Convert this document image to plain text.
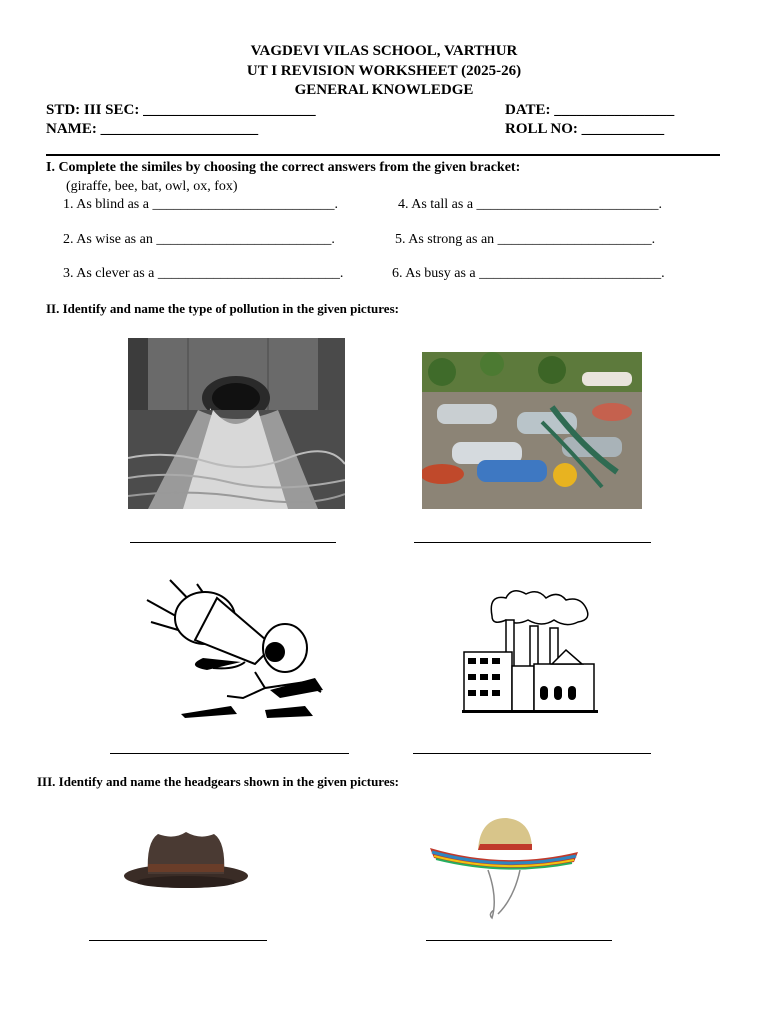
VAGDEVI VILAS SCHOOL, VARTHUR
UT I REVISION WORKSHEET (2025-26)
GENERAL KNOWLEDGE
STD: III SEC: _______________________	DATE: ________________
NAME: _____________________	ROLL NO: ___________
I. Complete the similes by choosing the correct answers from the given bracket:
(giraffe, bee, bat, owl, ox, fox)
1. As blind as a __________________________.	4. As tall as a __________________________.
2. As wise as an _________________________.	5. As strong as an ______________________.
3. As clever as a __________________________.	6. As busy as a __________________________.
II. Identify and name the type of pollution in the given pictures:
III. Identify and name the headgears shown in the given pictures:
